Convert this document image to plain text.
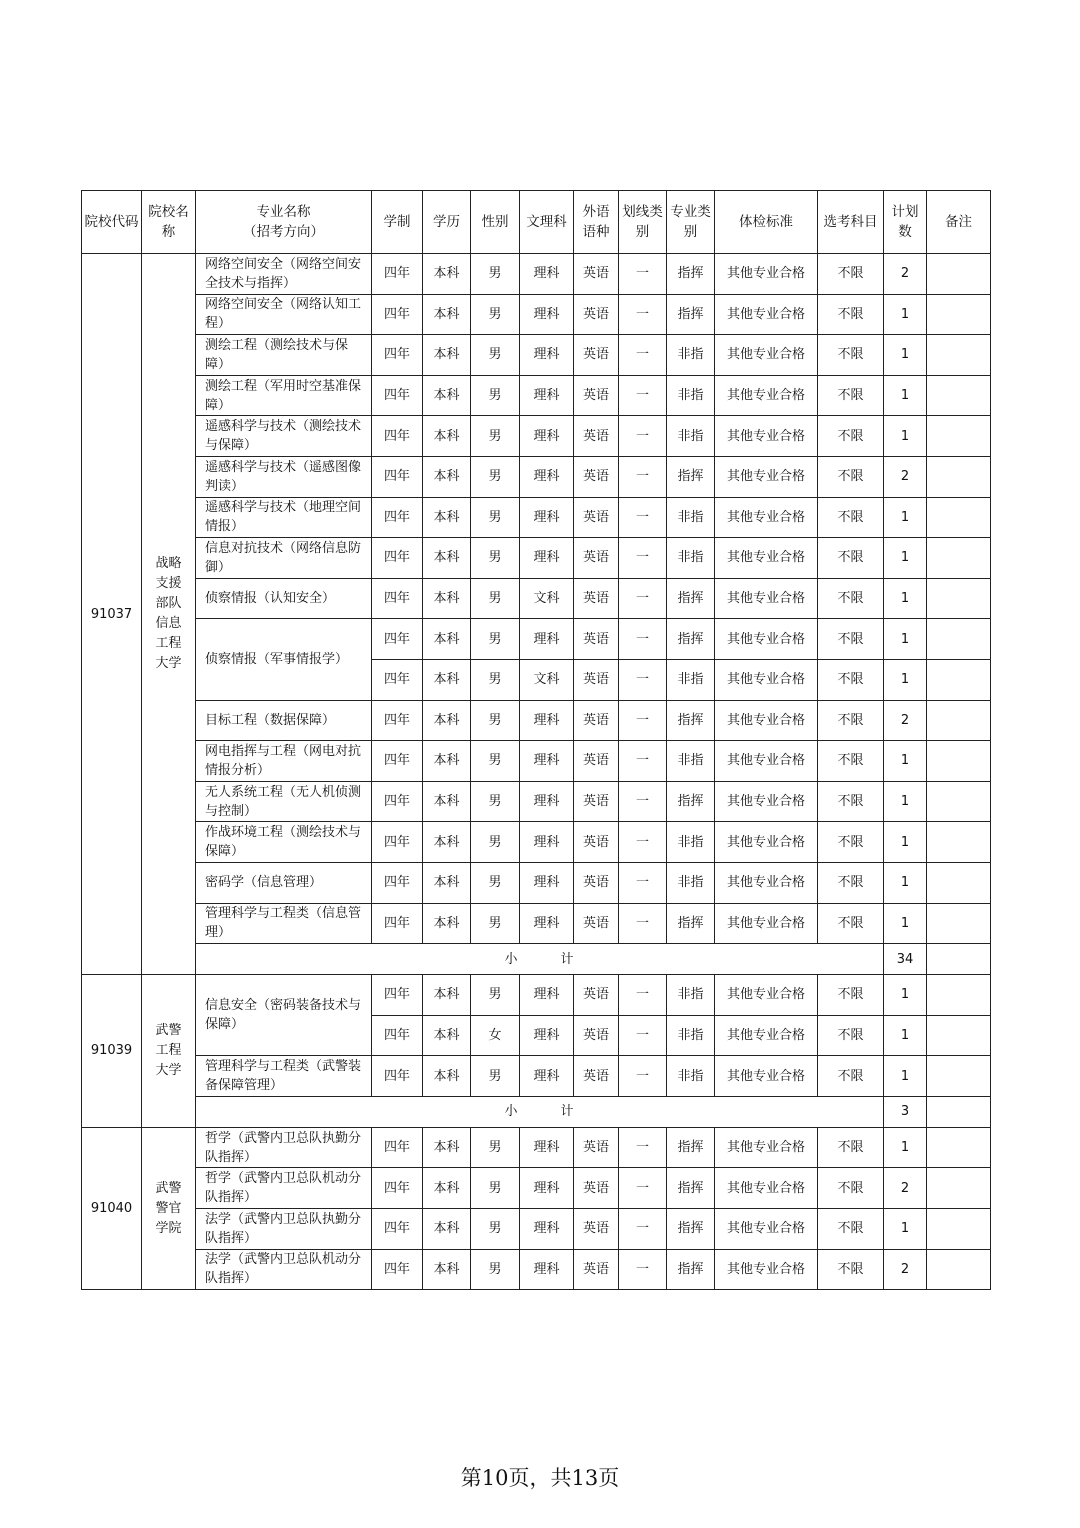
院校代码	院校名称	专业名称
（招考方向）	学制	学历	性别	文理科	外语语种	划线类别	专业类别	体检标准	选考科目	计划数	备注
91037	战略支援部队信息工程大学	网络空间安全（网络空间安全技术与指挥）	四年	本科	男	理科	英语	一	指挥	其他专业合格	不限	2	
		网络空间安全（网络认知工程）	四年	本科	男	理科	英语	一	指挥	其他专业合格	不限	1	
		测绘工程（测绘技术与保障）	四年	本科	男	理科	英语	一	非指	其他专业合格	不限	1	
		测绘工程（军用时空基准保障）	四年	本科	男	理科	英语	一	非指	其他专业合格	不限	1	
		遥感科学与技术（测绘技术与保障）	四年	本科	男	理科	英语	一	非指	其他专业合格	不限	1	
		遥感科学与技术（遥感图像判读）	四年	本科	男	理科	英语	一	指挥	其他专业合格	不限	2	
		遥感科学与技术（地理空间情报）	四年	本科	男	理科	英语	一	非指	其他专业合格	不限	1	
		信息对抗技术（网络信息防御）	四年	本科	男	理科	英语	一	非指	其他专业合格	不限	1	
		侦察情报（认知安全）	四年	本科	男	文科	英语	一	指挥	其他专业合格	不限	1	
		侦察情报（军事情报学）	四年	本科	男	理科	英语	一	指挥	其他专业合格	不限	1	
			四年	本科	男	文科	英语	一	非指	其他专业合格	不限	1	
		目标工程（数据保障）	四年	本科	男	理科	英语	一	指挥	其他专业合格	不限	2	
		网电指挥与工程（网电对抗情报分析）	四年	本科	男	理科	英语	一	非指	其他专业合格	不限	1	
		无人系统工程（无人机侦测与控制）	四年	本科	男	理科	英语	一	指挥	其他专业合格	不限	1	
		作战环境工程（测绘技术与保障）	四年	本科	男	理科	英语	一	非指	其他专业合格	不限	1	
		密码学（信息管理）	四年	本科	男	理科	英语	一	非指	其他专业合格	不限	1	
		管理科学与工程类（信息管理）	四年	本科	男	理科	英语	一	指挥	其他专业合格	不限	1	
		小　　　计										34	
91039	武警工程大学	信息安全（密码装备技术与保障）	四年	本科	男	理科	英语	一	非指	其他专业合格	不限	1	
			四年	本科	女	理科	英语	一	非指	其他专业合格	不限	1	
		管理科学与工程类（武警装备保障管理）	四年	本科	男	理科	英语	一	非指	其他专业合格	不限	1	
		小　　　计										3	
91040	武警警官学院	哲学（武警内卫总队执勤分队指挥）	四年	本科	男	理科	英语	一	指挥	其他专业合格	不限	1	
		哲学（武警内卫总队机动分队指挥）	四年	本科	男	理科	英语	一	指挥	其他专业合格	不限	2	
		法学（武警内卫总队执勤分队指挥）	四年	本科	男	理科	英语	一	指挥	其他专业合格	不限	1	
		法学（武警内卫总队机动分队指挥）	四年	本科	男	理科	英语	一	指挥	其他专业合格	不限	2	
第10页，共13页
